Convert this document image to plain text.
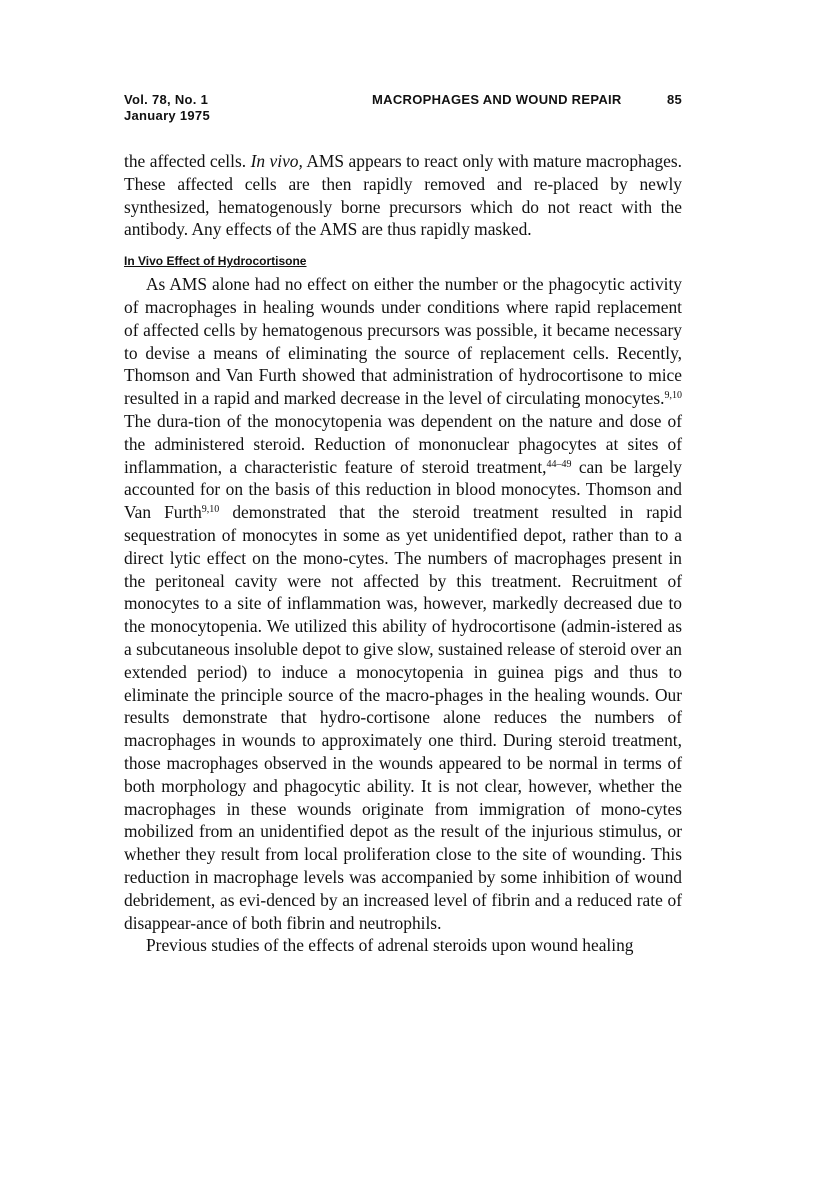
Vol. 78, No. 1
January 1975
MACROPHAGES AND WOUND REPAIR	85

the affected cells. In vivo, AMS appears to react only with mature macrophages. These affected cells are then rapidly removed and re-placed by newly synthesized, hematogenously borne precursors which do not react with the antibody. Any effects of the AMS are thus rapidly masked.

In Vivo Effect of Hydrocortisone

As AMS alone had no effect on either the number or the phagocytic activity of macrophages in healing wounds under conditions where rapid replacement of affected cells by hematogenous precursors was possible, it became necessary to devise a means of eliminating the source of replacement cells. Recently, Thomson and Van Furth showed that administration of hydrocortisone to mice resulted in a rapid and marked decrease in the level of circulating monocytes.$^{9,10}$ The dura-tion of the monocytopenia was dependent on the nature and dose of the administered steroid. Reduction of mononuclear phagocytes at sites of inflammation, a characteristic feature of steroid treatment,$^{44-49}$ can be largely accounted for on the basis of this reduction in blood monocytes. Thomson and Van Furth$^{9,10}$ demonstrated that the steroid treatment resulted in rapid sequestration of monocytes in some as yet unidentified depot, rather than to a direct lytic effect on the mono-cytes. The numbers of macrophages present in the peritoneal cavity were not affected by this treatment. Recruitment of monocytes to a site of inflammation was, however, markedly decreased due to the monocytopenia. We utilized this ability of hydrocortisone (admin-istered as a subcutaneous insoluble depot to give slow, sustained release of steroid over an extended period) to induce a monocytopenia in guinea pigs and thus to eliminate the principle source of the macro-phages in the healing wounds. Our results demonstrate that hydro-cortisone alone reduces the numbers of macrophages in wounds to approximately one third. During steroid treatment, those macrophages observed in the wounds appeared to be normal in terms of both morphology and phagocytic ability. It is not clear, however, whether the macrophages in these wounds originate from immigration of mono-cytes mobilized from an unidentified depot as the result of the injurious stimulus, or whether they result from local proliferation close to the site of wounding. This reduction in macrophage levels was accompanied by some inhibition of wound debridement, as evi-denced by an increased level of fibrin and a reduced rate of disappear-ance of both fibrin and neutrophils.

Previous studies of the effects of adrenal steroids upon wound healing
